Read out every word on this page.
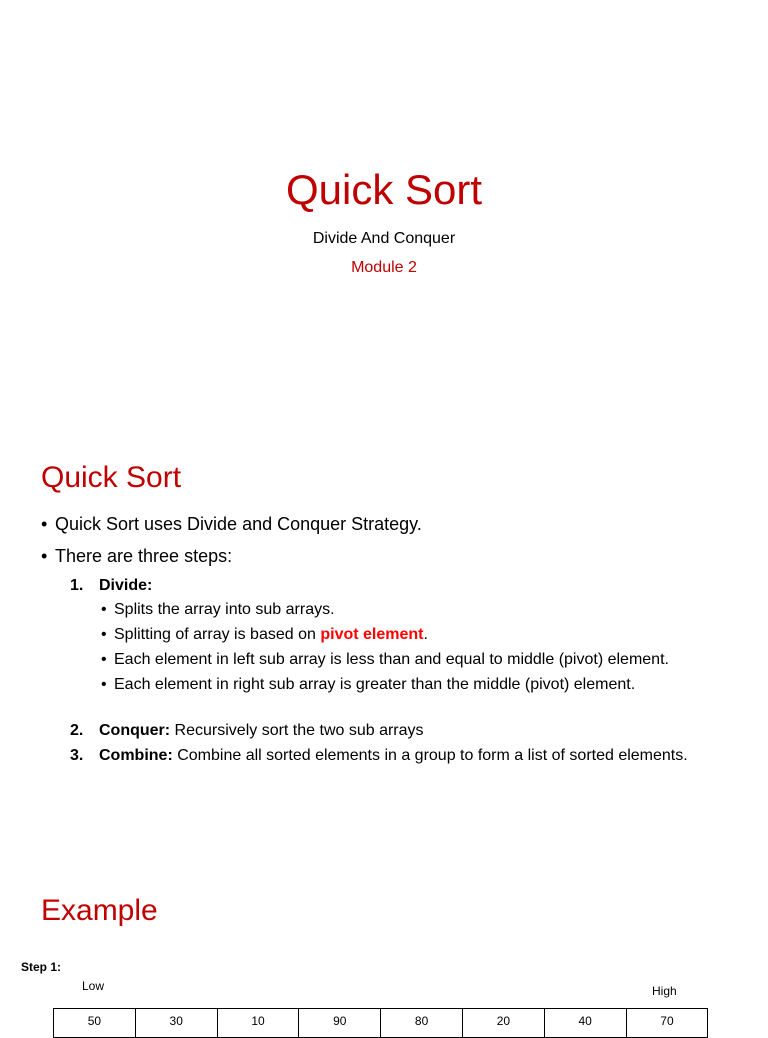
Quick Sort
Divide And Conquer
Module 2
Quick Sort
• Quick Sort uses Divide and Conquer Strategy.
• There are three steps:
1. Divide:
• Splits the array into sub arrays.
• Splitting of array is based on pivot element.
• Each element in left sub array is less than and equal to middle (pivot) element.
• Each element in right sub array is greater than the middle (pivot) element.
2. Conquer: Recursively sort the two sub arrays
3. Combine: Combine all sorted elements in a group to form a list of sorted elements.
Example
Step 1:
Low	High
50	30	10	90	80	20	40	70
